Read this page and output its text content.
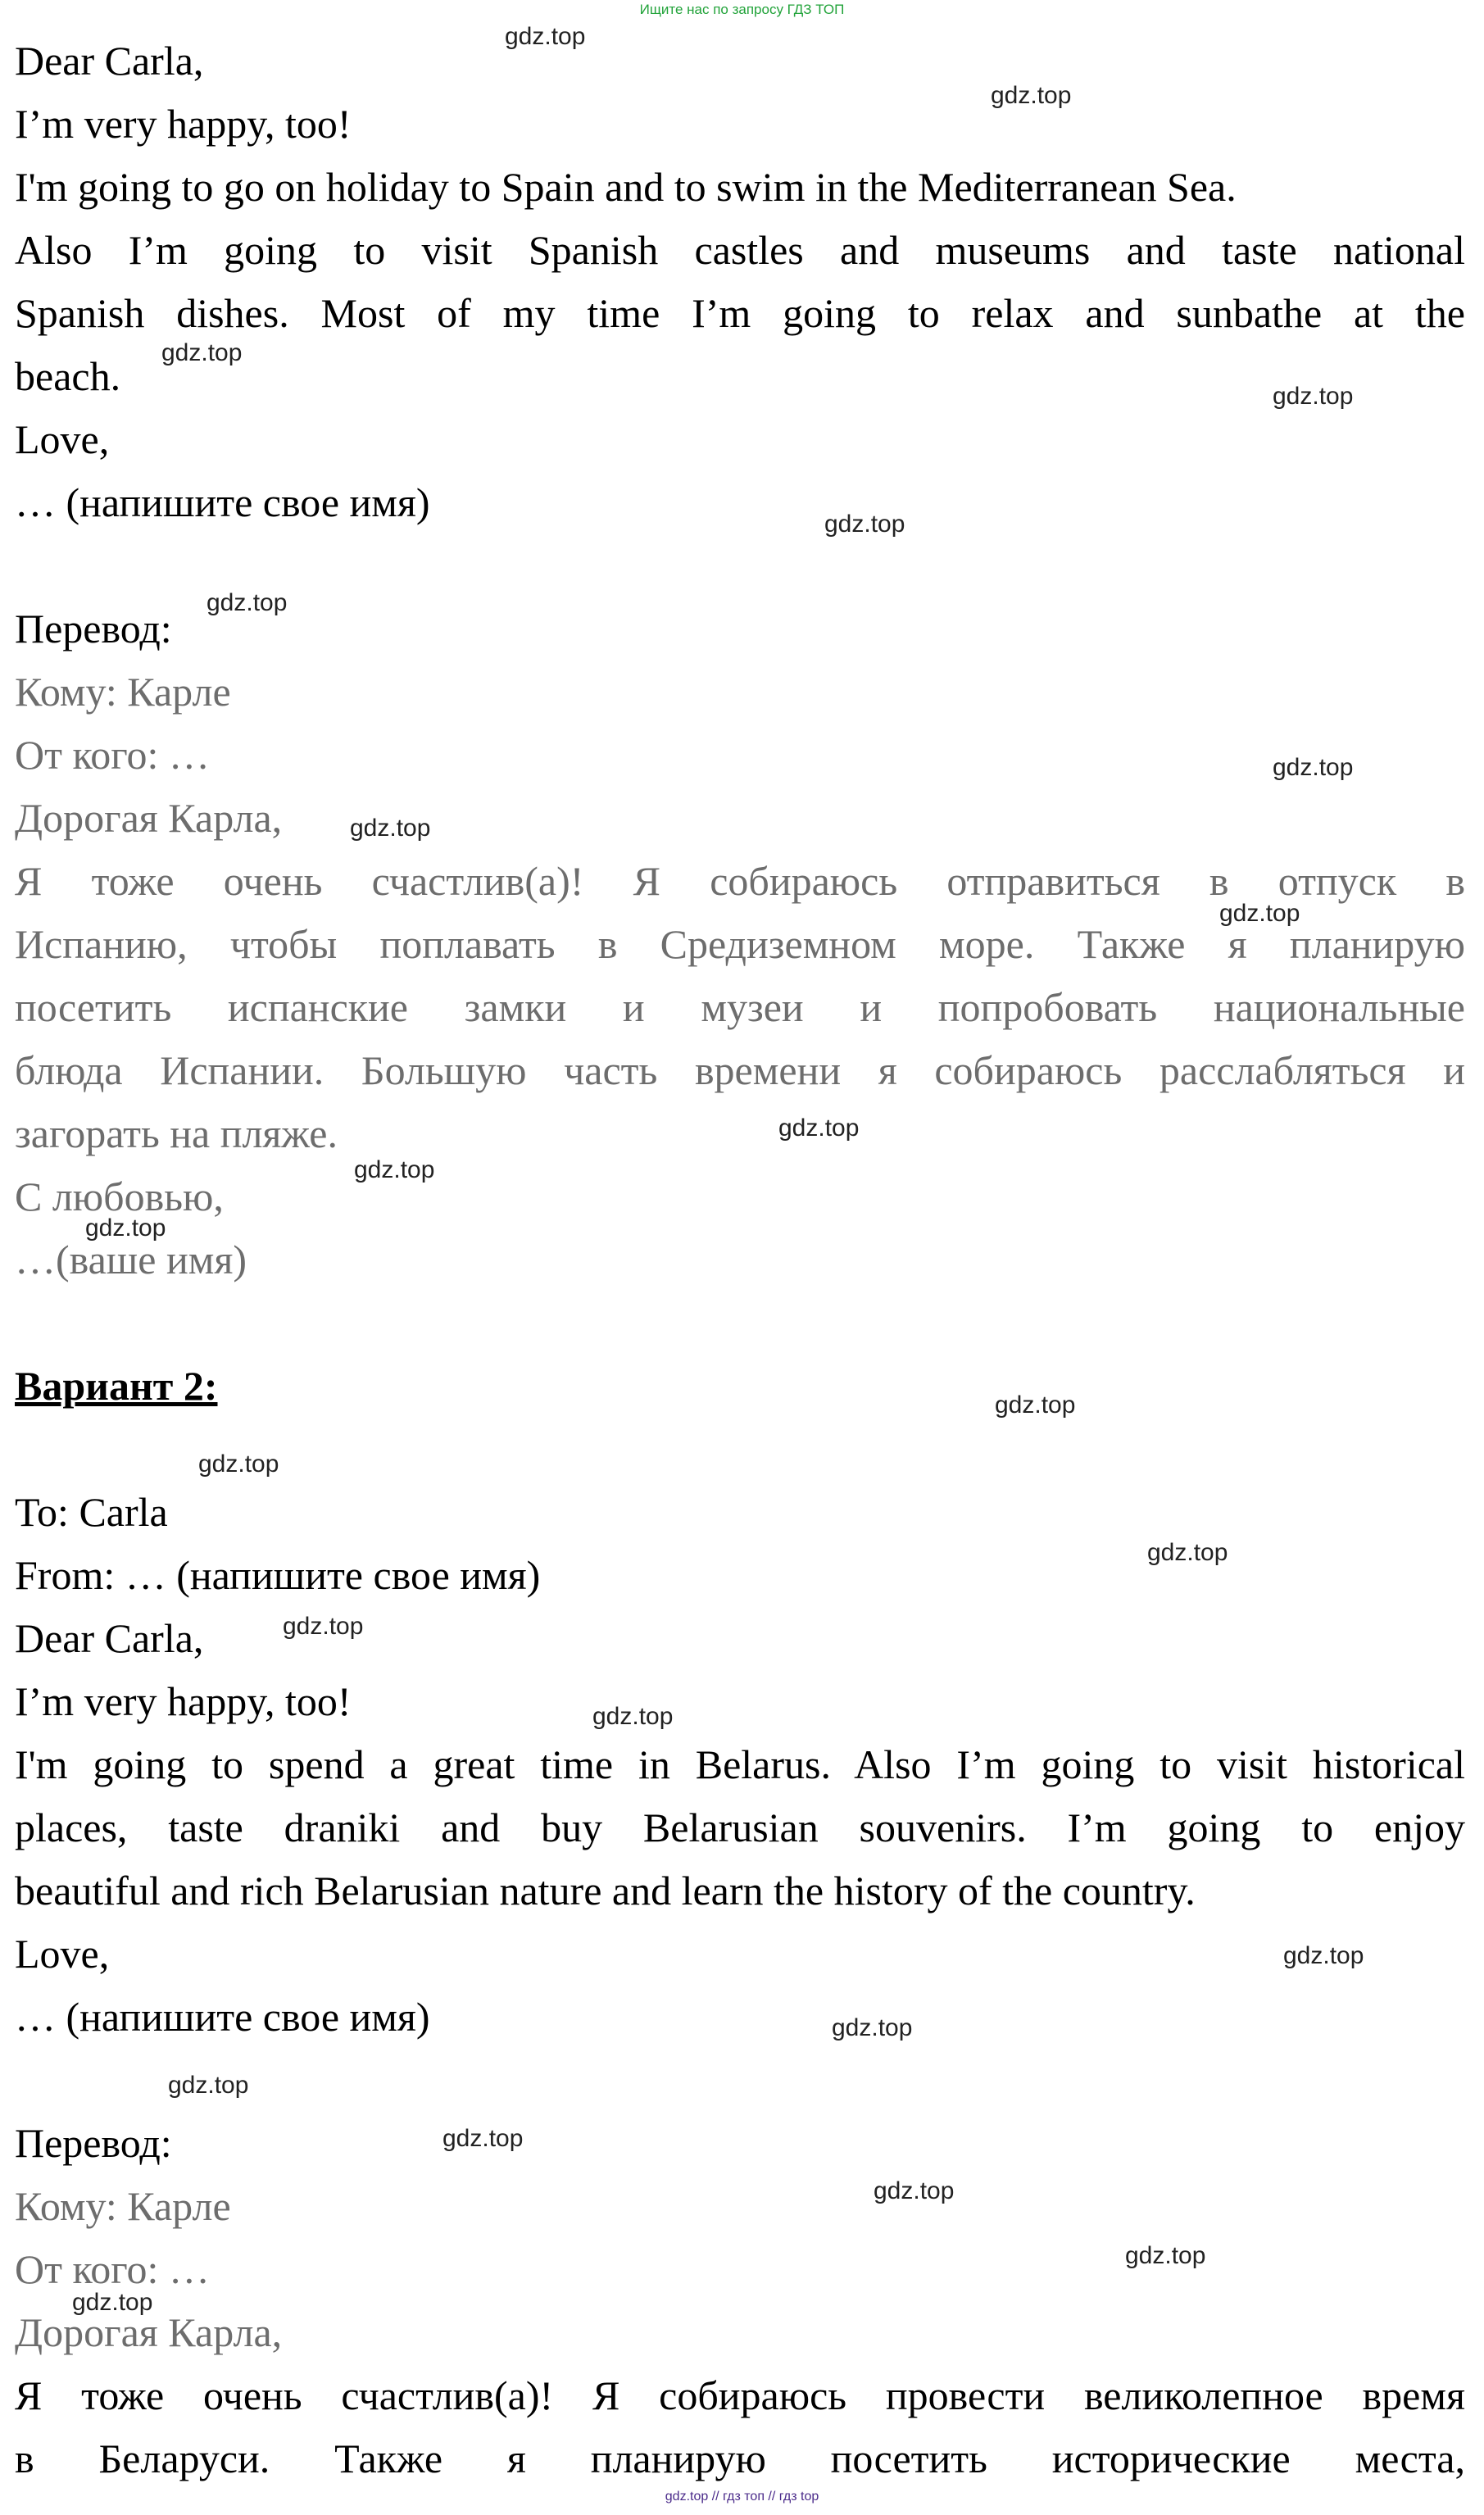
Ищите нас по запросу ГДЗ ТОП

Dear Carla,

I’m very happy, too!

I'm going to go on holiday to Spain and to swim in the Mediterranean Sea.

Also I’m going to visit Spanish castles and museums and taste national

Spanish dishes. Most of my time I’m going to relax and sunbathe at the

beach.

Love,

… (напишите свое имя)

Перевод:

Кому: Карле

От кого: …

Дорогая Карла,

Я тоже очень счастлив(а)! Я собираюсь отправиться в отпуск в

Испанию, чтобы поплавать в Средиземном море. Также я планирую

посетить испанские замки и музеи и попробовать национальные

блюда Испании. Большую часть времени я собираюсь расслабляться и

загорать на пляже.

С любовью,

…(ваше имя)

Вариант 2:

To: Carla

From: … (напишите свое имя)

Dear Carla,

I’m very happy, too!

I'm going to spend a great time in Belarus. Also I’m going to visit historical

places, taste draniki and buy Belarusian souvenirs. I’m going to enjoy

beautiful and rich Belarusian nature and learn the history of the country.

Love,

… (напишите свое имя)

Перевод:

Кому: Карле

От кого: …

Дорогая Карла,

Я тоже очень счастлив(а)! Я собираюсь провести великолепное время

в Беларуси. Также я планирую посетить исторические места,

gdz.top
gdz.top
gdz.top
gdz.top
gdz.top
gdz.top
gdz.top
gdz.top
gdz.top
gdz.top
gdz.top
gdz.top
gdz.top
gdz.top
gdz.top
gdz.top
gdz.top
gdz.top
gdz.top
gdz.top
gdz.top
gdz.top
gdz.top
gdz.top
gdz.top // гдз топ // гдз top
